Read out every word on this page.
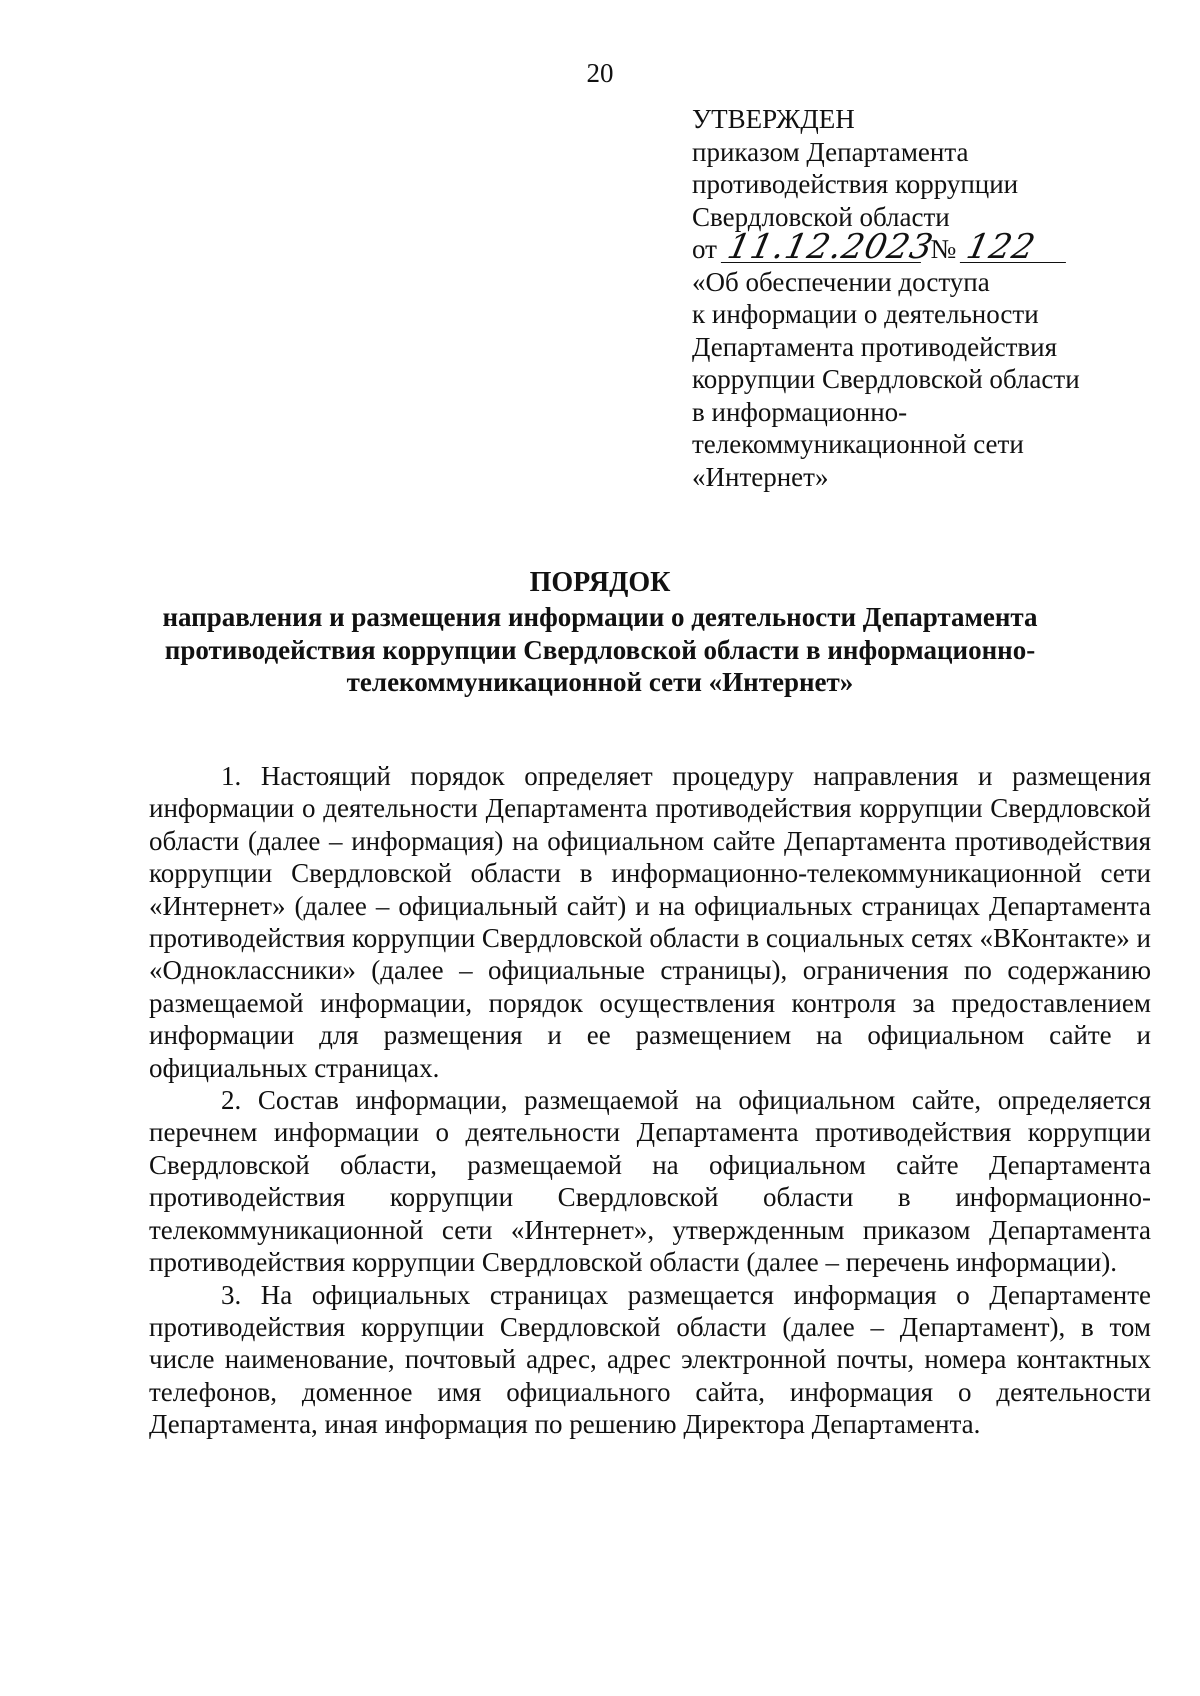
20
УТВЕРЖДЕН
приказом Департамента
противодействия коррупции
Свердловской области
от 11.12.2023 № 122
«Об обеспечении доступа
к информации о деятельности
Департамента противодействия
коррупции Свердловской области
в информационно-
телекоммуникационной сети
«Интернет»
ПОРЯДОК
направления и размещения информации о деятельности Департамента противодействия коррупции Свердловской области в информационно-телекоммуникационной сети «Интернет»

1. Настоящий порядок определяет процедуру направления и размещения информации о деятельности Департамента противодействия коррупции Свердловской области (далее – информация) на официальном сайте Департамента противодействия коррупции Свердловской области в информационно-телекоммуникационной сети «Интернет» (далее – официальный сайт) и на официальных страницах Департамента противодействия коррупции Свердловской области в социальных сетях «ВКонтакте» и «Одноклассники» (далее – официальные страницы), ограничения по содержанию размещаемой информации, порядок осуществления контроля за предоставлением информации для размещения и ее размещением на официальном сайте и официальных страницах.

2. Состав информации, размещаемой на официальном сайте, определяется перечнем информации о деятельности Департамента противодействия коррупции Свердловской области, размещаемой на официальном сайте Департамента противодействия коррупции Свердловской области в информационно-телекоммуникационной сети «Интернет», утвержденным приказом Департамента противодействия коррупции Свердловской области (далее – перечень информации).

3. На официальных страницах размещается информация о Департаменте противодействия коррупции Свердловской области (далее – Департамент), в том числе наименование, почтовый адрес, адрес электронной почты, номера контактных телефонов, доменное имя официального сайта, информация о деятельности Департамента, иная информация по решению Директора Департамента.
